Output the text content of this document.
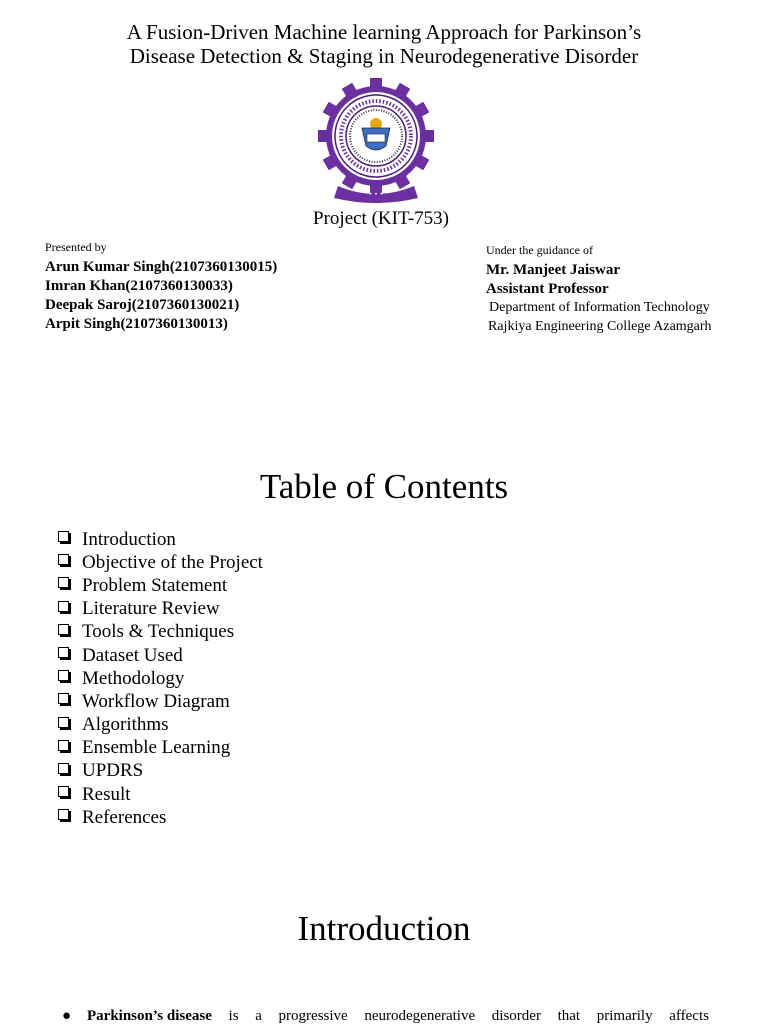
A Fusion-Driven Machine learning Approach for Parkinson’s
Disease Detection & Staging in Neurodegenerative Disorder
• • •
Project (KIT-753)
Presented by
Arun Kumar Singh(2107360130015)
Imran Khan(2107360130033)
Deepak Saroj(2107360130021)
Arpit Singh(2107360130013)
Under the guidance of
Mr. Manjeet Jaiswar
Assistant Professor
Department of Information Technology
Rajkiya Engineering College Azamgarh
Table of Contents
Introduction
Objective of the Project
Problem Statement
Literature Review
Tools & Techniques
Dataset Used
Methodology
Workflow Diagram
Algorithms
Ensemble Learning
UPDRS
Result
References
Introduction
●	Parkinson’s disease is a progressive neurodegenerative disorder that primarily affects
